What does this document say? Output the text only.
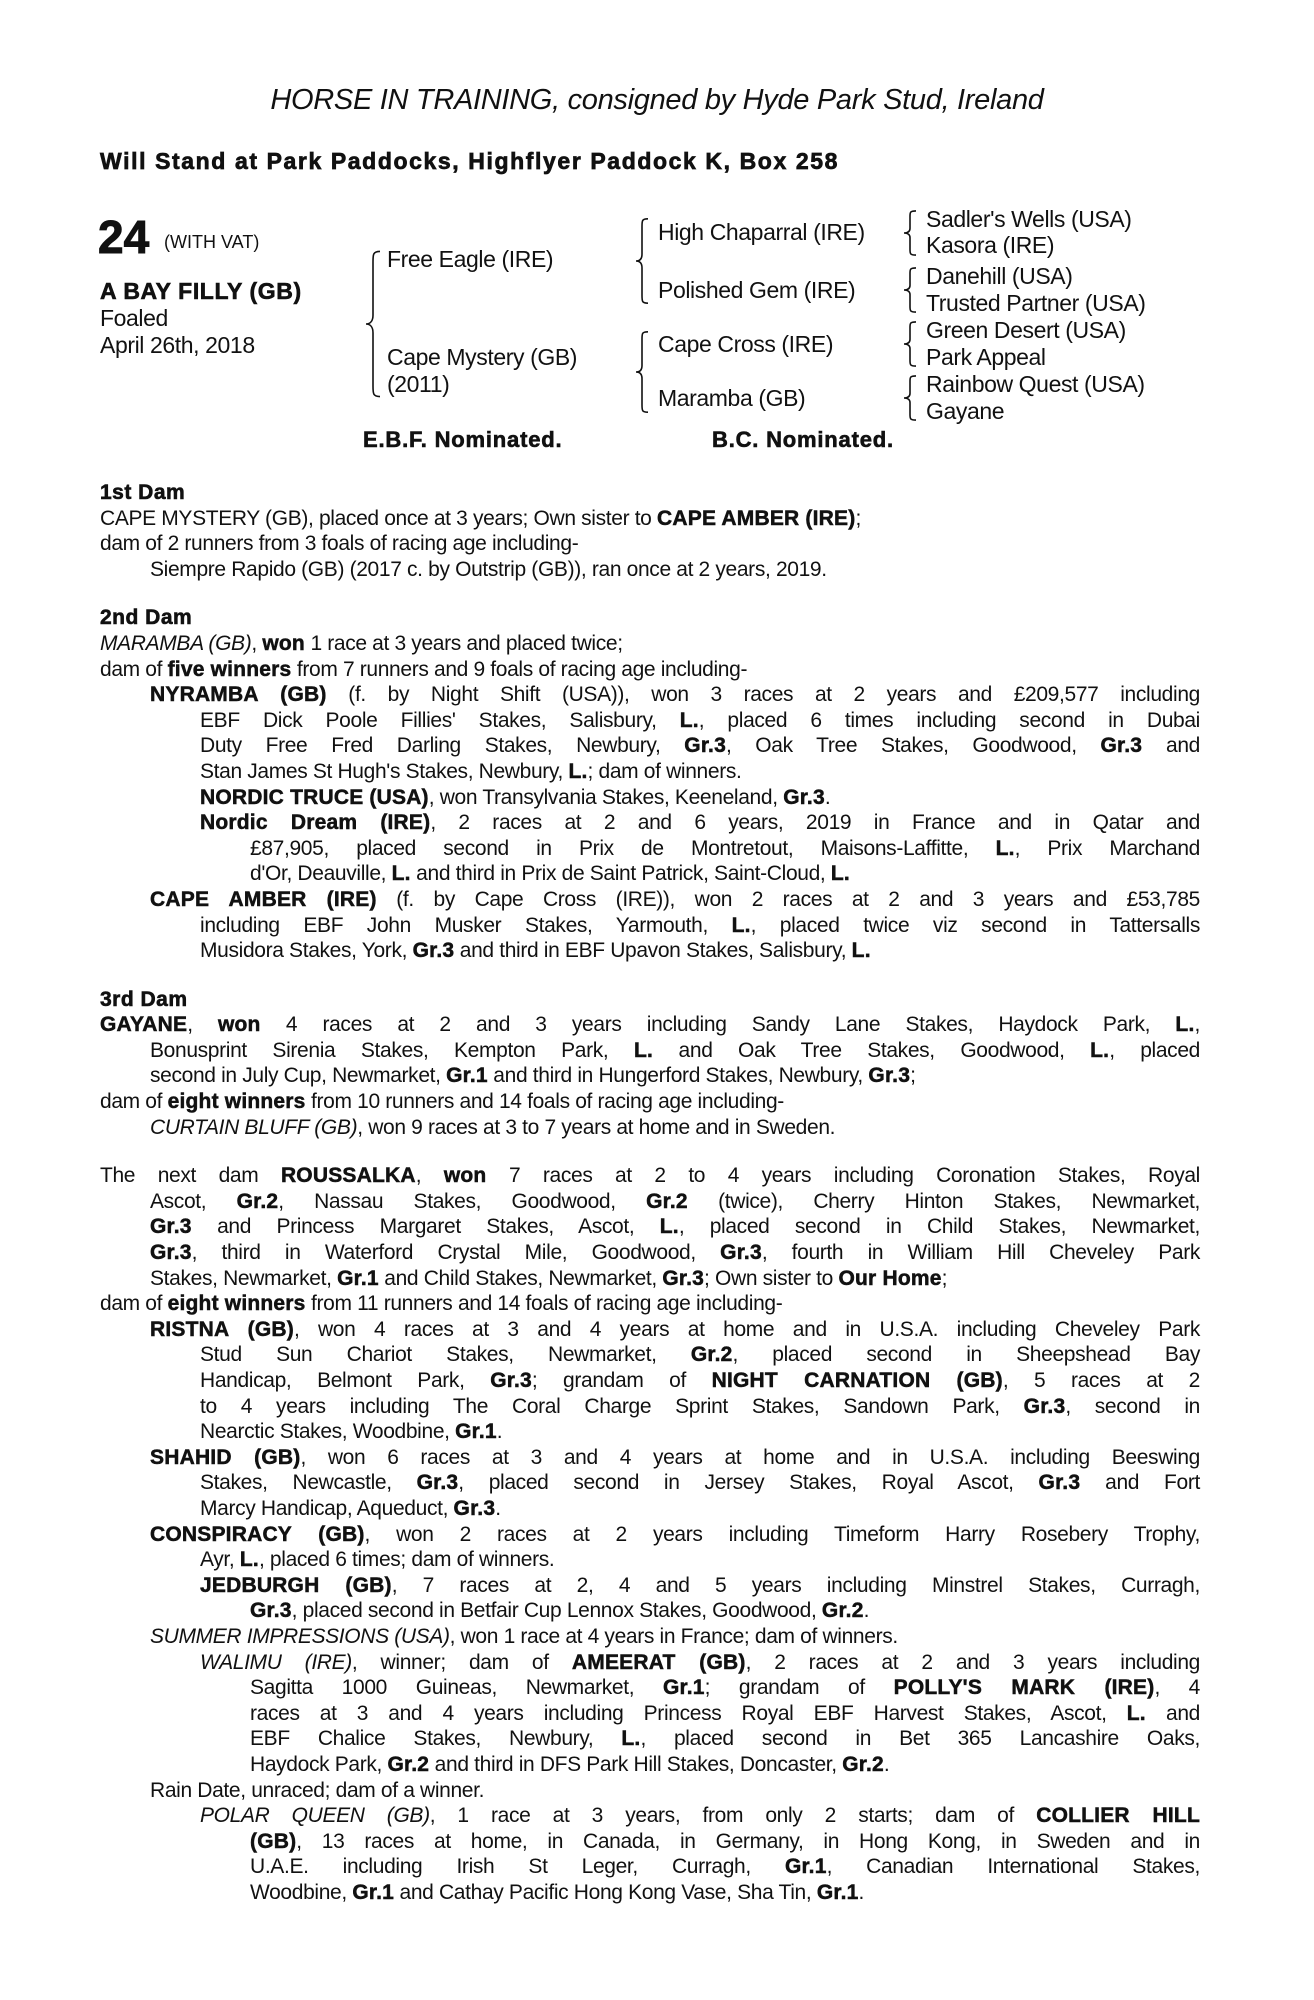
HORSE IN TRAINING, consigned by Hyde Park Stud, Ireland
Will Stand at Park Paddocks, Highflyer Paddock K, Box 258
24 (WITH VAT)
A BAY FILLY (GB)
Foaled
April 26th, 2018
Free Eagle (IRE)
Cape Mystery (GB)
(2011)
High Chaparral (IRE)
Polished Gem (IRE)
Cape Cross (IRE)
Maramba (GB)
Sadler's Wells (USA)
Kasora (IRE)
Danehill (USA)
Trusted Partner (USA)
Green Desert (USA)
Park Appeal
Rainbow Quest (USA)
Gayane
E.B.F. Nominated.	B.C. Nominated.
1st Dam
CAPE MYSTERY (GB), placed once at 3 years; Own sister to CAPE AMBER (IRE);
dam of 2 runners from 3 foals of racing age including-
Siempre Rapido (GB) (2017 c. by Outstrip (GB)), ran once at 2 years, 2019.
2nd Dam
MARAMBA (GB), won 1 race at 3 years and placed twice;
dam of five winners from 7 runners and 9 foals of racing age including-
NYRAMBA (GB) (f. by Night Shift (USA)), won 3 races at 2 years and £209,577 including
EBF Dick Poole Fillies' Stakes, Salisbury, L., placed 6 times including second in Dubai
Duty Free Fred Darling Stakes, Newbury, Gr.3, Oak Tree Stakes, Goodwood, Gr.3 and
Stan James St Hugh's Stakes, Newbury, L.; dam of winners.
NORDIC TRUCE (USA), won Transylvania Stakes, Keeneland, Gr.3.
Nordic Dream (IRE), 2 races at 2 and 6 years, 2019 in France and in Qatar and
£87,905, placed second in Prix de Montretout, Maisons-Laffitte, L., Prix Marchand
d'Or, Deauville, L. and third in Prix de Saint Patrick, Saint-Cloud, L.
CAPE AMBER (IRE) (f. by Cape Cross (IRE)), won 2 races at 2 and 3 years and £53,785
including EBF John Musker Stakes, Yarmouth, L., placed twice viz second in Tattersalls
Musidora Stakes, York, Gr.3 and third in EBF Upavon Stakes, Salisbury, L.
3rd Dam
GAYANE, won 4 races at 2 and 3 years including Sandy Lane Stakes, Haydock Park, L.,
Bonusprint Sirenia Stakes, Kempton Park, L. and Oak Tree Stakes, Goodwood, L., placed
second in July Cup, Newmarket, Gr.1 and third in Hungerford Stakes, Newbury, Gr.3;
dam of eight winners from 10 runners and 14 foals of racing age including-
CURTAIN BLUFF (GB), won 9 races at 3 to 7 years at home and in Sweden.
The next dam ROUSSALKA, won 7 races at 2 to 4 years including Coronation Stakes, Royal
Ascot, Gr.2, Nassau Stakes, Goodwood, Gr.2 (twice), Cherry Hinton Stakes, Newmarket,
Gr.3 and Princess Margaret Stakes, Ascot, L., placed second in Child Stakes, Newmarket,
Gr.3, third in Waterford Crystal Mile, Goodwood, Gr.3, fourth in William Hill Cheveley Park
Stakes, Newmarket, Gr.1 and Child Stakes, Newmarket, Gr.3; Own sister to Our Home;
dam of eight winners from 11 runners and 14 foals of racing age including-
RISTNA (GB), won 4 races at 3 and 4 years at home and in U.S.A. including Cheveley Park
Stud Sun Chariot Stakes, Newmarket, Gr.2, placed second in Sheepshead Bay
Handicap, Belmont Park, Gr.3; grandam of NIGHT CARNATION (GB), 5 races at 2
to 4 years including The Coral Charge Sprint Stakes, Sandown Park, Gr.3, second in
Nearctic Stakes, Woodbine, Gr.1.
SHAHID (GB), won 6 races at 3 and 4 years at home and in U.S.A. including Beeswing
Stakes, Newcastle, Gr.3, placed second in Jersey Stakes, Royal Ascot, Gr.3 and Fort
Marcy Handicap, Aqueduct, Gr.3.
CONSPIRACY (GB), won 2 races at 2 years including Timeform Harry Rosebery Trophy,
Ayr, L., placed 6 times; dam of winners.
JEDBURGH (GB), 7 races at 2, 4 and 5 years including Minstrel Stakes, Curragh,
Gr.3, placed second in Betfair Cup Lennox Stakes, Goodwood, Gr.2.
SUMMER IMPRESSIONS (USA), won 1 race at 4 years in France; dam of winners.
WALIMU (IRE), winner; dam of AMEERAT (GB), 2 races at 2 and 3 years including
Sagitta 1000 Guineas, Newmarket, Gr.1; grandam of POLLY'S MARK (IRE), 4
races at 3 and 4 years including Princess Royal EBF Harvest Stakes, Ascot, L. and
EBF Chalice Stakes, Newbury, L., placed second in Bet 365 Lancashire Oaks,
Haydock Park, Gr.2 and third in DFS Park Hill Stakes, Doncaster, Gr.2.
Rain Date, unraced; dam of a winner.
POLAR QUEEN (GB), 1 race at 3 years, from only 2 starts; dam of COLLIER HILL
(GB), 13 races at home, in Canada, in Germany, in Hong Kong, in Sweden and in
U.A.E. including Irish St Leger, Curragh, Gr.1, Canadian International Stakes,
Woodbine, Gr.1 and Cathay Pacific Hong Kong Vase, Sha Tin, Gr.1.
